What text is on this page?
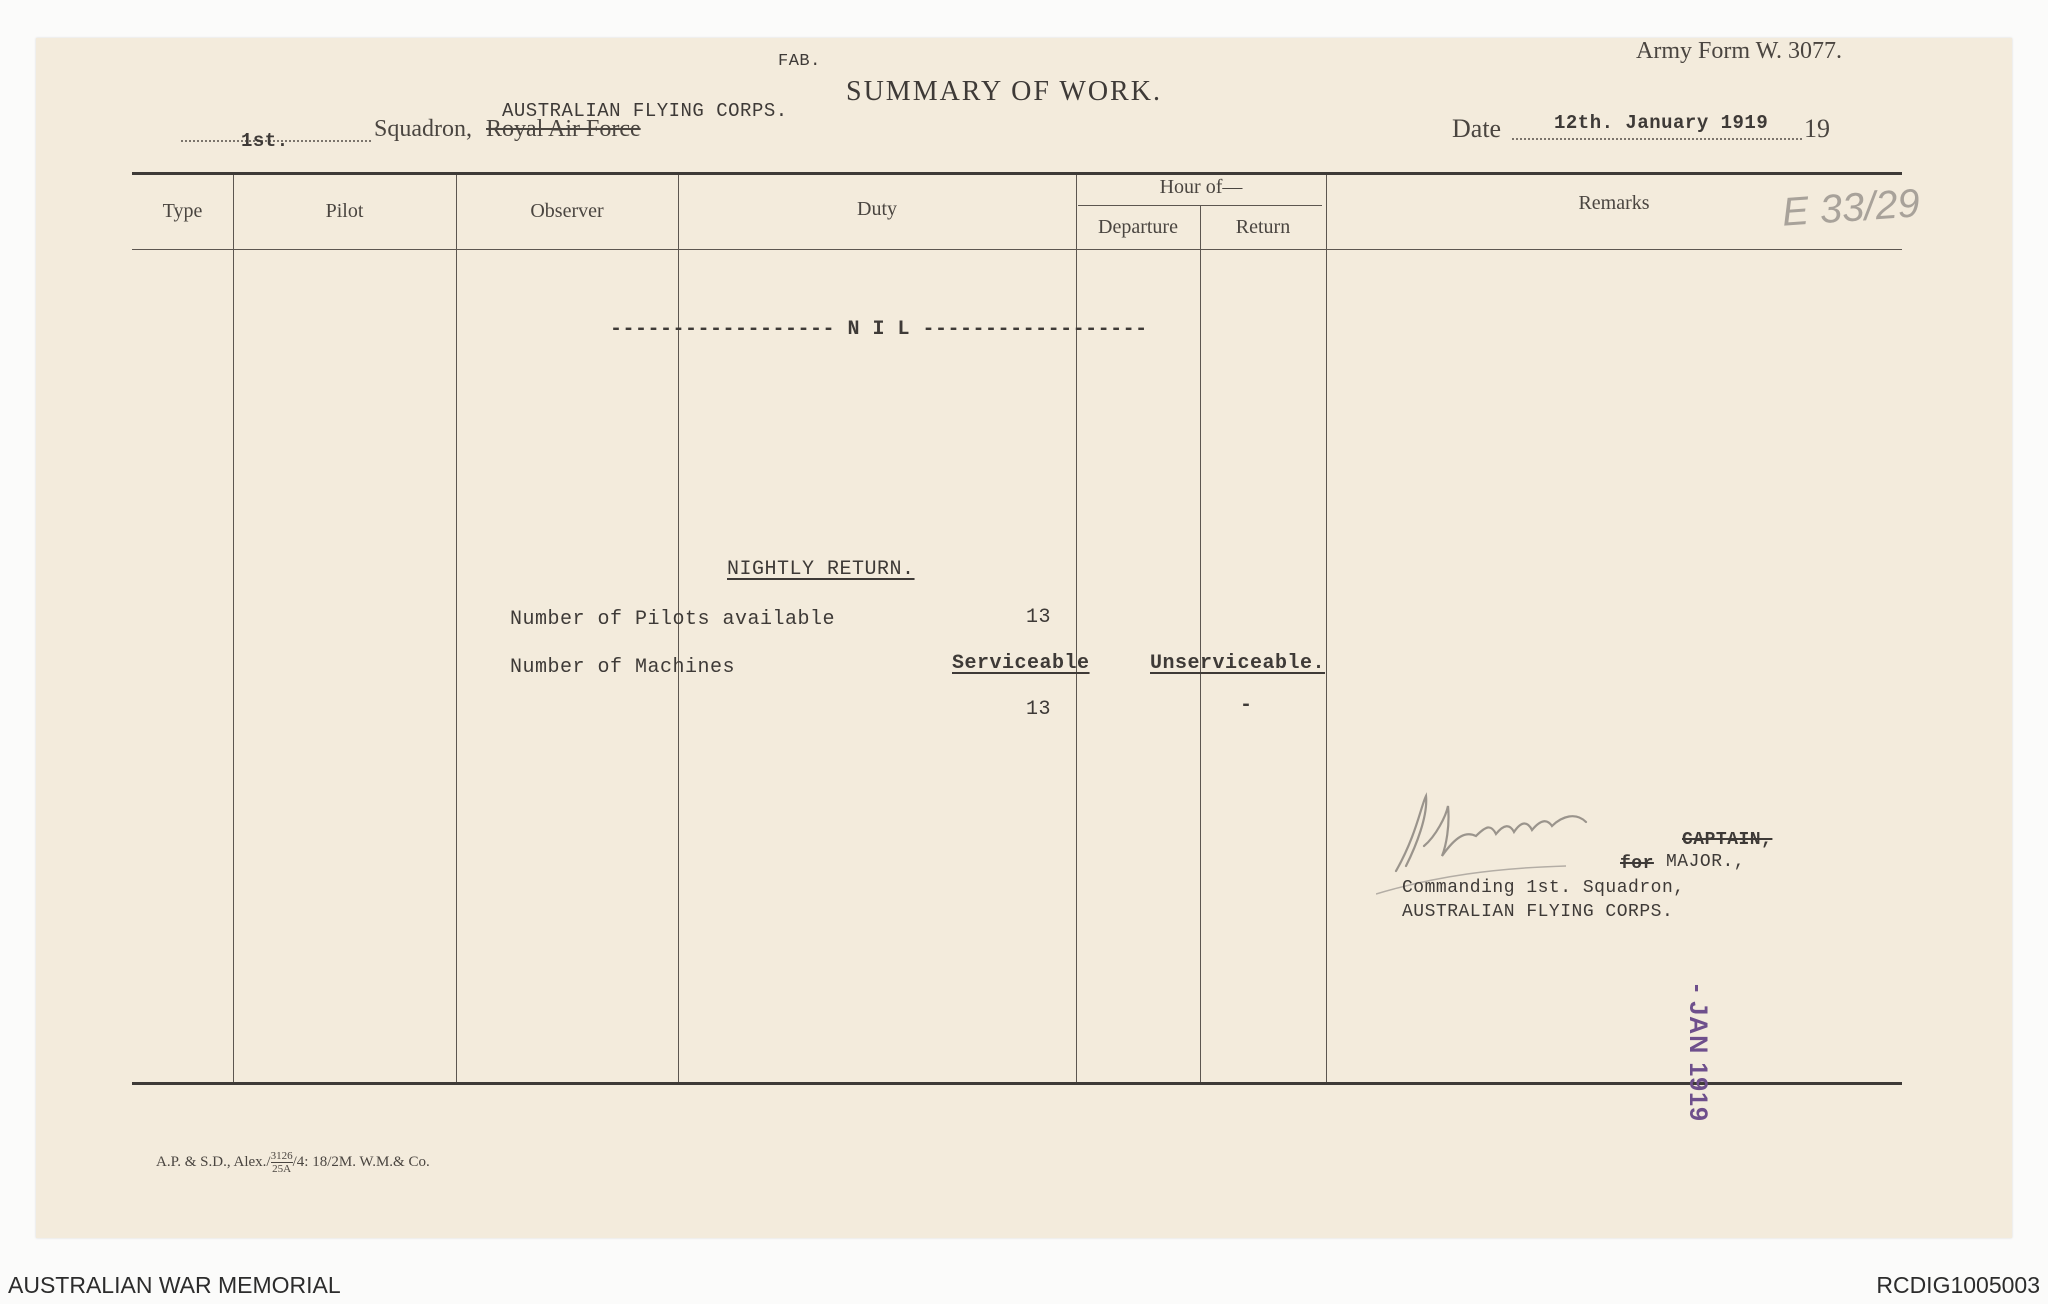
Army Form W. 3077.
FAB.
SUMMARY OF WORK.
AUSTRALIAN FLYING CORPS.
1st.	Squadron, Royal Air Force	Date	12th. January 1919 19
Type	Pilot	Observer	Duty
Hour of—
Departure	Return
Remarks	E 33/29
------------------ N I L ------------------
NIGHTLY RETURN.
Number of Pilots available	13
Number of Machines	Serviceable	Unserviceable.
13	-
CAPTAIN,
for MAJOR.,
Commanding 1st. Squadron,
AUSTRALIAN FLYING CORPS.
- JAN 1919
A.P. & S.D., Alex./ $\frac{3126}{25A} /4$: 18/2M. W.M.& Co.
AUSTRALIAN WAR MEMORIAL	RCDIG1005003
